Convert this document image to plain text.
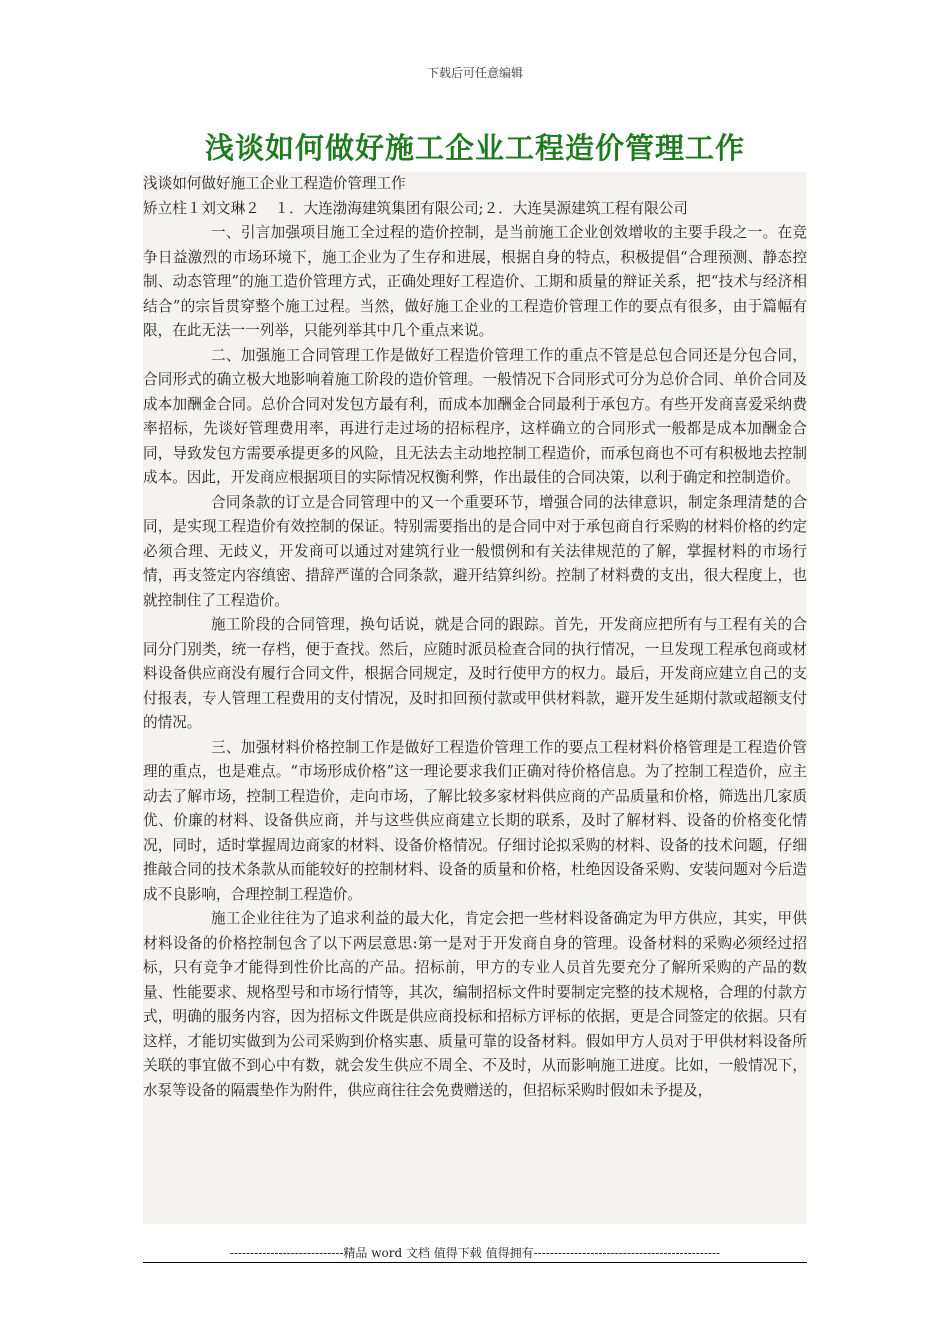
下载后可任意编辑
浅谈如何做好施工企业工程造价管理工作

浅谈如何做好施工企业工程造价管理工作

矫立柱１刘文琳２　１．大连渤海建筑集团有限公司;２．大连昊源建筑工程有限公司

一、引言加强项目施工全过程的造价控制，是当前施工企业创效增收的主要手段之一。在竞争日益激烈的市场环境下，施工企业为了生存和进展，根据自身的特点，积极提倡“合理预测、静态控制、动态管理”的施工造价管理方式，正确处理好工程造价、工期和质量的辩证关系，把“技术与经济相结合”的宗旨贯穿整个施工过程。当然，做好施工企业的工程造价管理工作的要点有很多，由于篇幅有限，在此无法一一列举，只能列举其中几个重点来说。

二、加强施工合同管理工作是做好工程造价管理工作的重点不管是总包合同还是分包合同，合同形式的确立极大地影响着施工阶段的造价管理。一般情况下合同形式可分为总价合同、单价合同及成本加酬金合同。总价合同对发包方最有利，而成本加酬金合同最利于承包方。有些开发商喜爱采纳费率招标，先谈好管理费用率，再进行走过场的招标程序，这样确立的合同形式一般都是成本加酬金合同，导致发包方需要承提更多的风险，且无法去主动地控制工程造价，而承包商也不可有积极地去控制成本。因此，开发商应根据项目的实际情况权衡利弊，作出最佳的合同决策，以利于确定和控制造价。

合同条款的订立是合同管理中的又一个重要环节，增强合同的法律意识，制定条理清楚的合同，是实现工程造价有效控制的保证。特别需要指出的是合同中对于承包商自行采购的材料价格的约定必须合理、无歧义，开发商可以通过对建筑行业一般惯例和有关法律规范的了解，掌握材料的市场行情，再支签定内容缜密、措辞严谨的合同条款，避开结算纠纷。控制了材料费的支出，很大程度上，也就控制住了工程造价。

施工阶段的合同管理，换句话说，就是合同的跟踪。首先，开发商应把所有与工程有关的合同分门别类，统一存档，便于查找。然后，应随时派员检查合同的执行情况，一旦发现工程承包商或材料设备供应商没有履行合同文件，根据合同规定，及时行使甲方的权力。最后，开发商应建立自己的支付报表，专人管理工程费用的支付情况，及时扣回预付款或甲供材料款，避开发生延期付款或超额支付的情况。

三、加强材料价格控制工作是做好工程造价管理工作的要点工程材料价格管理是工程造价管理的重点，也是难点。“市场形成价格”这一理论要求我们正确对待价格信息。为了控制工程造价，应主动去了解市场，控制工程造价，走向市场，了解比较多家材料供应商的产品质量和价格，筛选出几家质优、价廉的材料、设备供应商，并与这些供应商建立长期的联系，及时了解材料、设备的价格变化情况，同时，适时掌握周边商家的材料、设备价格情况。仔细讨论拟采购的材料、设备的技术问题，仔细推敲合同的技术条款从而能较好的控制材料、设备的质量和价格，杜绝因设备采购、安装问题对今后造成不良影响，合理控制工程造价。

施工企业往往为了追求利益的最大化，肯定会把一些材料设备确定为甲方供应，其实，甲供材料设备的价格控制包含了以下两层意思:第一是对于开发商自身的管理。设备材料的采购必须经过招标，只有竞争才能得到性价比高的产品。招标前，甲方的专业人员首先要充分了解所采购的产品的数量、性能要求、规格型号和市场行情等，其次，编制招标文件时要制定完整的技术规格，合理的付款方式，明确的服务内容，因为招标文件既是供应商投标和招标方评标的依据，更是合同签定的依据。只有这样，才能切实做到为公司采购到价格实惠、质量可靠的设备材料。假如甲方人员对于甲供材料设备所关联的事宜做不到心中有数，就会发生供应不周全、不及时，从而影响施工进度。比如，一般情况下，水泵等设备的隔震垫作为附件，供应商往往会免费赠送的，但招标采购时假如未予提及，

----------------------------精品 word 文档 值得下载 值得拥有----------------------------------------------
